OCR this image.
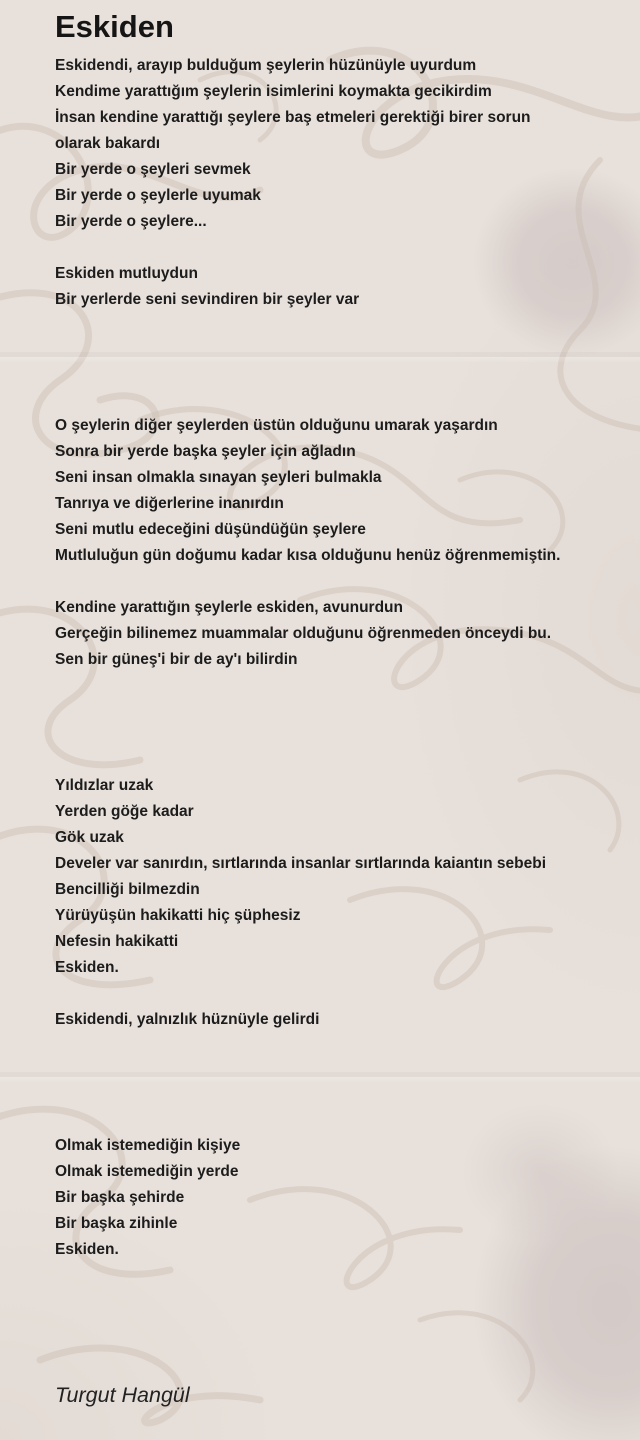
Eskiden
Eskidendi, arayıp bulduğum şeylerin hüzünüyle uyurdum
Kendime yarattığım şeylerin isimlerini koymakta gecikirdim
İnsan kendine yarattığı şeylere baş etmeleri gerektiği birer sorun
olarak bakardı
Bir yerde o şeyleri sevmek
Bir yerde o şeylerle uyumak
Bir yerde o şeylere...
Eskiden mutluydun
Bir yerlerde seni sevindiren bir şeyler var
O şeylerin diğer şeylerden üstün olduğunu umarak yaşardın
Sonra bir yerde başka şeyler için ağladın
Seni insan olmakla sınayan şeyleri bulmakla
Tanrıya ve diğerlerine inanırdın
Seni mutlu edeceğini düşündüğün şeylere
Mutluluğun gün doğumu kadar kısa olduğunu henüz öğrenmemiştin.
Kendine yarattığın şeylerle eskiden, avunurdun
Gerçeğin bilinemez muammalar olduğunu öğrenmeden önceydi bu.
Sen bir güneş'i bir de ay'ı bilirdin
Yıldızlar uzak
Yerden göğe kadar
Gök uzak
Develer var sanırdın, sırtlarında insanlar sırtlarında kaiantın sebebi
Bencilliği bilmezdin
Yürüyüşün hakikatti hiç şüphesiz
Nefesin hakikatti
Eskiden.
Eskidendi, yalnızlık hüznüyle gelirdi
Olmak istemediğin kişiye
Olmak istemediğin yerde
Bir başka şehirde
Bir başka zihinle
Eskiden.
Turgut Hangül
